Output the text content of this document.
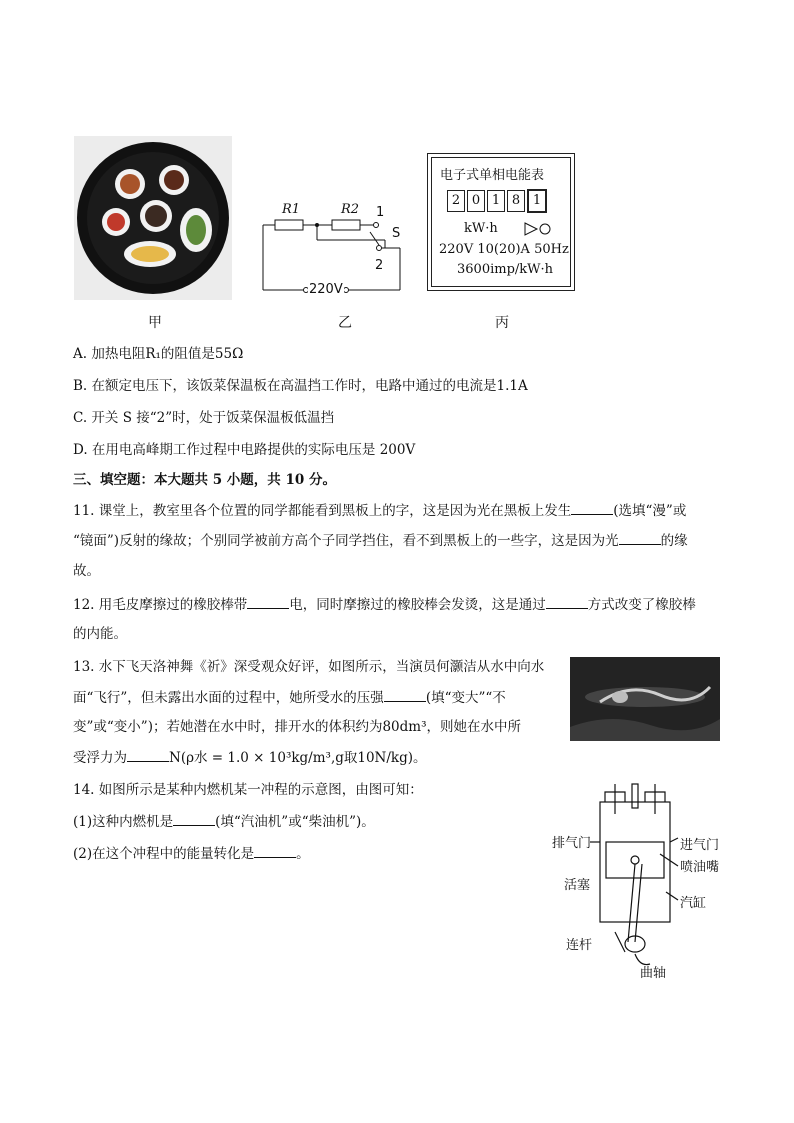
R1	R2 1
S
2
220V
电子式单相电能表
2 0 1 8 1
kW·h
220V 10(20)A 50Hz
3600imp/kW·h
甲	乙	丙
A. 加热电阻R₁的阻值是55Ω
B. 在额定电压下，该饭菜保温板在高温挡工作时，电路中通过的电流是1.1A
C. 开关 S 接“2”时，处于饭菜保温板低温挡
D. 在用电高峰期工作过程中电路提供的实际电压是 200V
三、填空题：本大题共 5 小题，共 10 分。
11. 课堂上，教室里各个位置的同学都能看到黑板上的字，这是因为光在黑板上发生	(选填“漫”或
“镜面”)反射的缘故；个别同学被前方高个子同学挡住，看不到黑板上的一些字，这是因为光	的缘
故。
12. 用毛皮摩擦过的橡胶棒带	电，同时摩擦过的橡胶棒会发烫，这是通过	方式改变了橡胶棒
的内能。
13. 水下飞天洛神舞《祈》深受观众好评，如图所示，当演员何灏洁从水中向水
面“飞行”，但未露出水面的过程中，她所受水的压强	(填“变大”“不
变”或“变小”)；若她潜在水中时，排开水的体积约为80dm³，则她在水中所
受浮力为	N(ρ水 = 1.0 × 10³kg/m³,g取10N/kg)。
14. 如图所示是某种内燃机某一冲程的示意图，由图可知：
(1)这种内燃机是	(填“汽油机”或“柴油机”)。
(2)在这个冲程中的能量转化是	。
排气门	进气门
喷油嘴
活塞
汽缸
连杆
曲轴
